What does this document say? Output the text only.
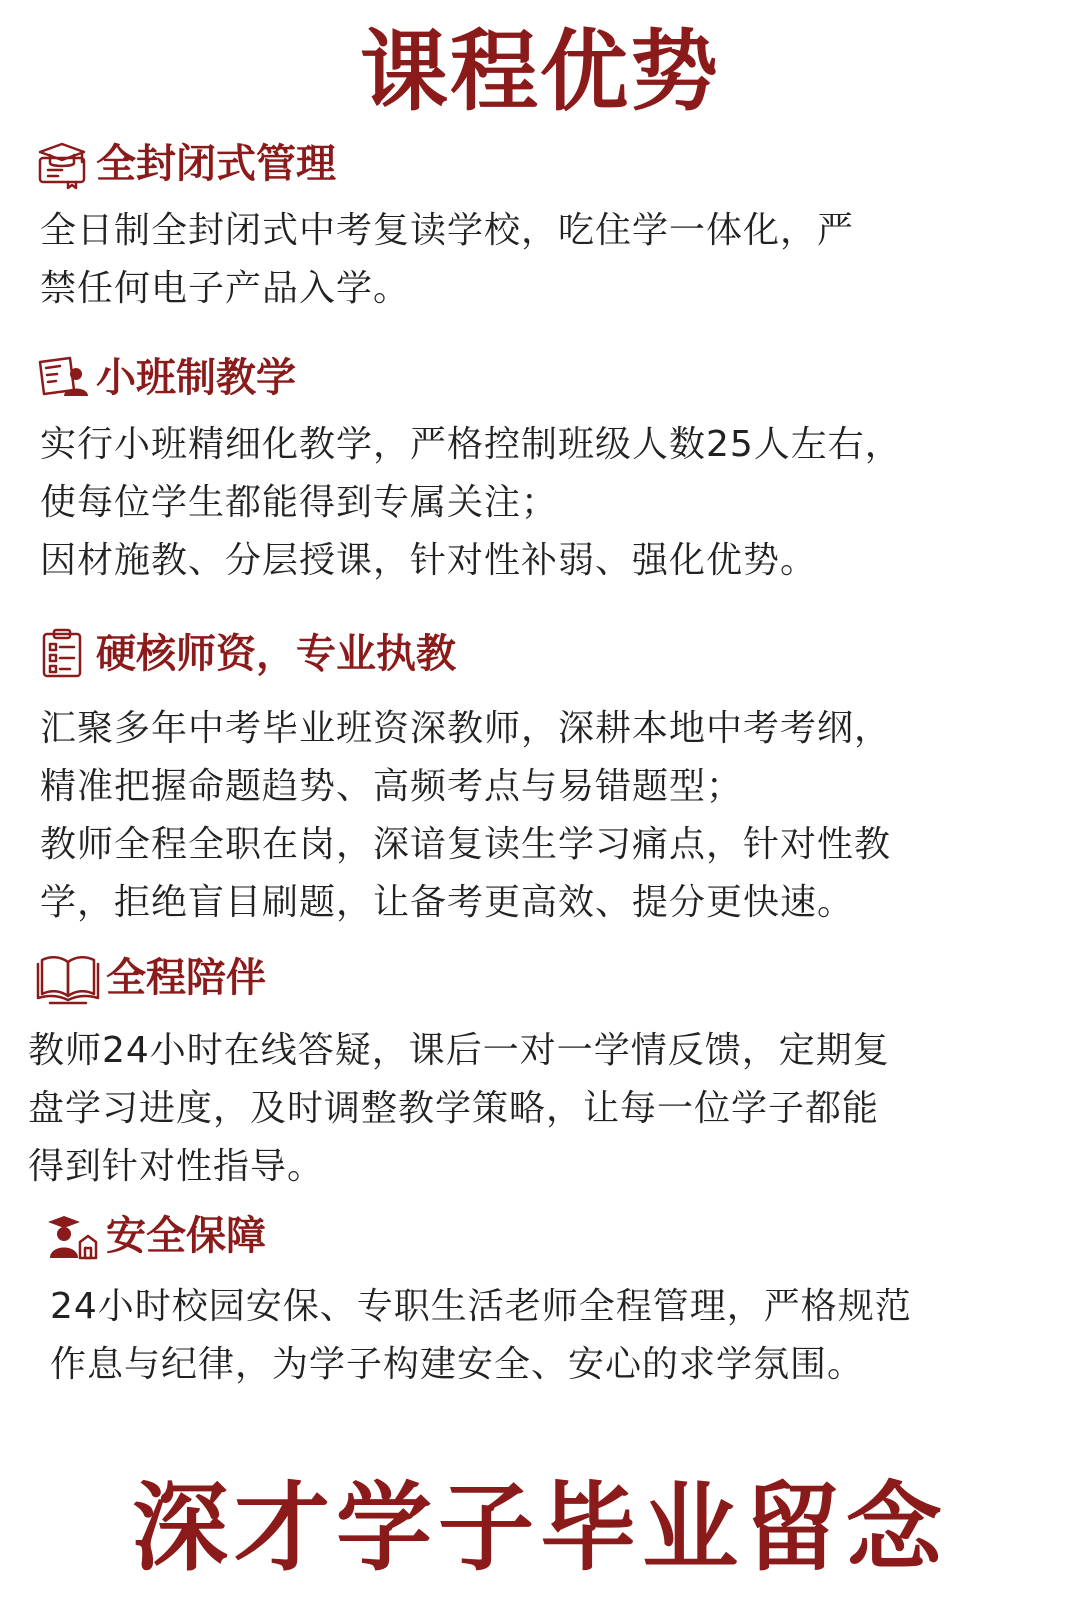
课程优势
全封闭式管理
全日制全封闭式中考复读学校，吃住学一体化，严
禁任何电子产品入学。
小班制教学
实行小班精细化教学，严格控制班级人数25人左右，
使每位学生都能得到专属关注；
因材施教、分层授课，针对性补弱、强化优势。
硬核师资，专业执教
汇聚多年中考毕业班资深教师，深耕本地中考考纲，
精准把握命题趋势、高频考点与易错题型；
教师全程全职在岗，深谙复读生学习痛点，针对性教
学，拒绝盲目刷题，让备考更高效、提分更快速。
全程陪伴
教师24小时在线答疑，课后一对一学情反馈，定期复
盘学习进度，及时调整教学策略，让每一位学子都能
得到针对性指导。
安全保障
24小时校园安保、专职生活老师全程管理，严格规范
作息与纪律，为学子构建安全、安心的求学氛围。
深才学子毕业留念
